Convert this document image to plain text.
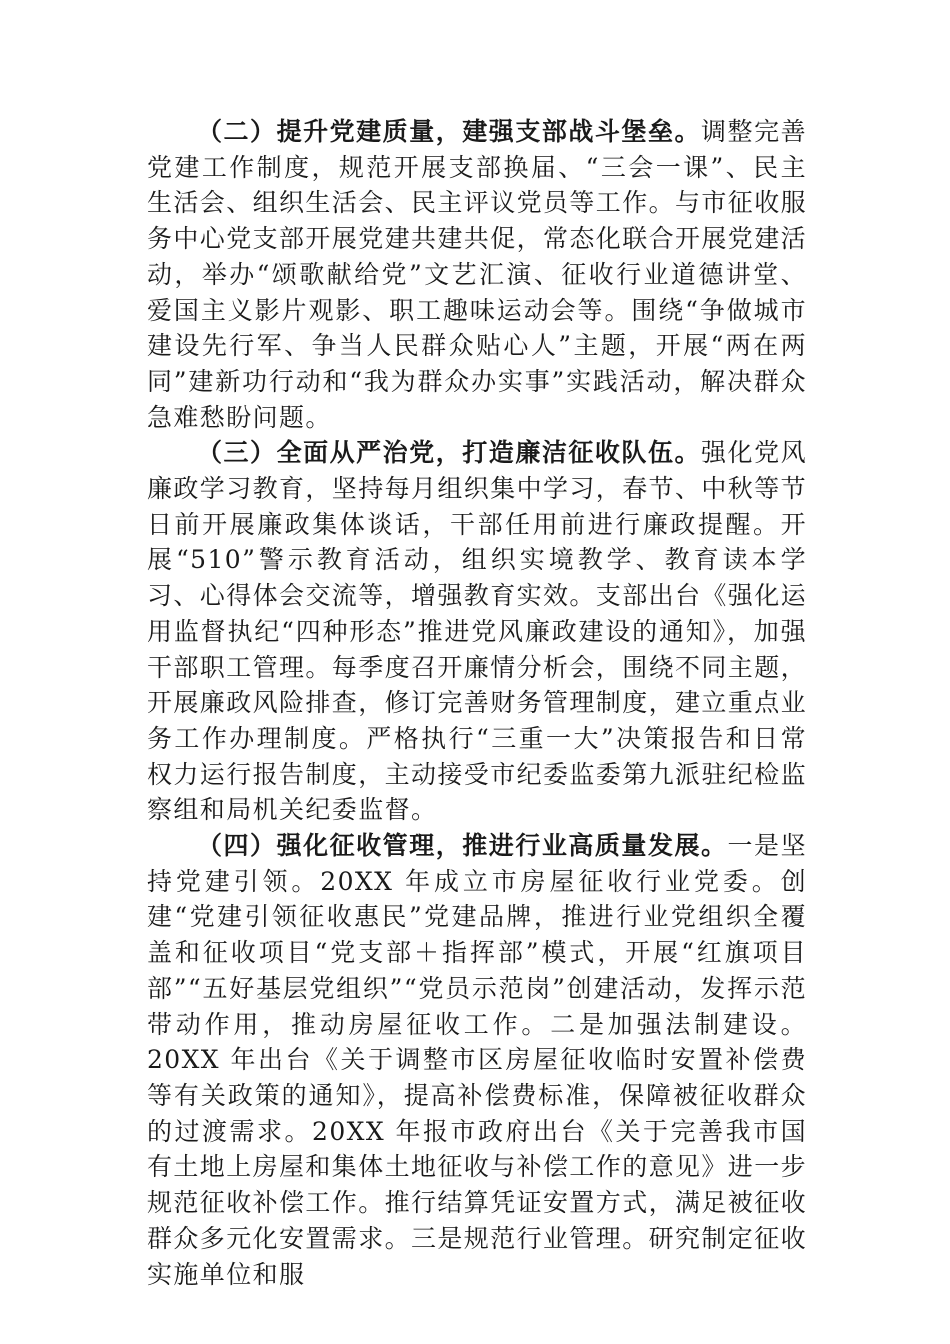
（二）提升党建质量，建强支部战斗堡垒。调整完善党建工作制度，规范开展支部换届、“三会一课”、民主生活会、组织生活会、民主评议党员等工作。与市征收服务中心党支部开展党建共建共促，常态化联合开展党建活动，举办“颂歌献给党”文艺汇演、征收行业道德讲堂、爱国主义影片观影、职工趣味运动会等。围绕“争做城市建设先行军、争当人民群众贴心人”主题，开展“两在两同”建新功行动和“我为群众办实事”实践活动，解决群众急难愁盼问题。

（三）全面从严治党，打造廉洁征收队伍。强化党风廉政学习教育，坚持每月组织集中学习，春节、中秋等节日前开展廉政集体谈话，干部任用前进行廉政提醒。开展“510”警示教育活动，组织实境教学、教育读本学习、心得体会交流等，增强教育实效。支部出台《强化运用监督执纪“四种形态”推进党风廉政建设的通知》，加强干部职工管理。每季度召开廉情分析会，围绕不同主题，开展廉政风险排查，修订完善财务管理制度，建立重点业务工作办理制度。严格执行“三重一大”决策报告和日常权力运行报告制度，主动接受市纪委监委第九派驻纪检监察组和局机关纪委监督。

（四）强化征收管理，推进行业高质量发展。一是坚持党建引领。20XX 年成立市房屋征收行业党委。创建“党建引领征收惠民”党建品牌，推进行业党组织全覆盖和征收项目“党支部＋指挥部”模式，开展“红旗项目部”“五好基层党组织”“党员示范岗”创建活动，发挥示范带动作用，推动房屋征收工作。二是加强法制建设。20XX 年出台《关于调整市区房屋征收临时安置补偿费等有关政策的通知》，提高补偿费标准，保障被征收群众的过渡需求。20XX 年报市政府出台《关于完善我市国有土地上房屋和集体土地征收与补偿工作的意见》进一步规范征收补偿工作。推行结算凭证安置方式，满足被征收群众多元化安置需求。三是规范行业管理。研究制定征收实施单位和服
